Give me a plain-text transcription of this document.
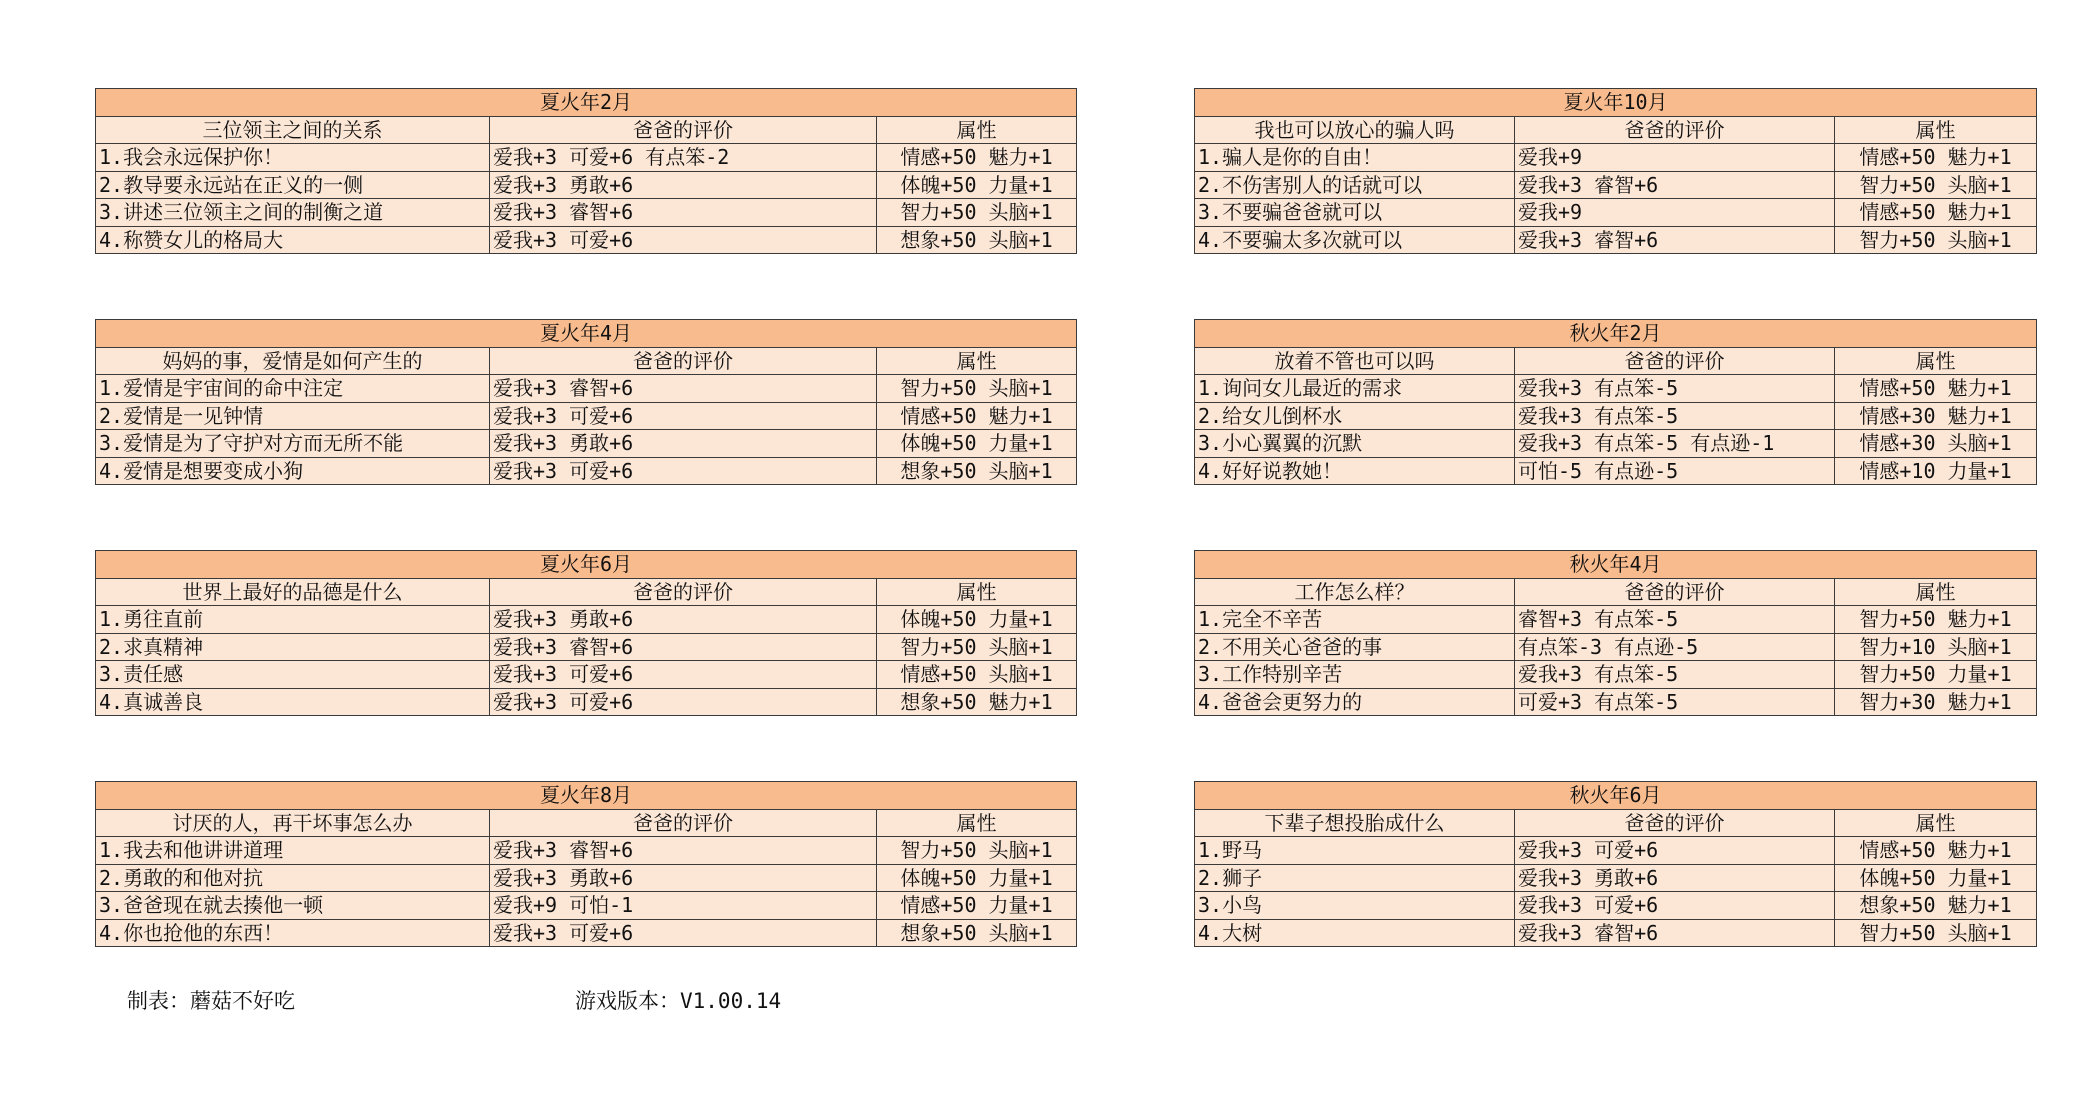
夏火年2月		
三位领主之间的关系	爸爸的评价	属性
1.我会永远保护你！	爱我+3 可爱+6 有点笨-2	情感+50 魅力+1
2.教导要永远站在正义的一侧	爱我+3 勇敢+6	体魄+50 力量+1
3.讲述三位领主之间的制衡之道	爱我+3 睿智+6	智力+50 头脑+1
4.称赞女儿的格局大	爱我+3 可爱+6	想象+50 头脑+1
夏火年4月		
妈妈的事，爱情是如何产生的	爸爸的评价	属性
1.爱情是宇宙间的命中注定	爱我+3 睿智+6	智力+50 头脑+1
2.爱情是一见钟情	爱我+3 可爱+6	情感+50 魅力+1
3.爱情是为了守护对方而无所不能	爱我+3 勇敢+6	体魄+50 力量+1
4.爱情是想要变成小狗	爱我+3 可爱+6	想象+50 头脑+1
夏火年6月		
世界上最好的品德是什么	爸爸的评价	属性
1.勇往直前	爱我+3 勇敢+6	体魄+50 力量+1
2.求真精神	爱我+3 睿智+6	智力+50 头脑+1
3.责任感	爱我+3 可爱+6	情感+50 头脑+1
4.真诚善良	爱我+3 可爱+6	想象+50 魅力+1
夏火年8月		
讨厌的人，再干坏事怎么办	爸爸的评价	属性
1.我去和他讲讲道理	爱我+3 睿智+6	智力+50 头脑+1
2.勇敢的和他对抗	爱我+3 勇敢+6	体魄+50 力量+1
3.爸爸现在就去揍他一顿	爱我+9 可怕-1	情感+50 力量+1
4.你也抢他的东西！	爱我+3 可爱+6	想象+50 头脑+1
夏火年10月		
我也可以放心的骗人吗	爸爸的评价	属性
1.骗人是你的自由！	爱我+9	情感+50 魅力+1
2.不伤害别人的话就可以	爱我+3 睿智+6	智力+50 头脑+1
3.不要骗爸爸就可以	爱我+9	情感+50 魅力+1
4.不要骗太多次就可以	爱我+3 睿智+6	智力+50 头脑+1
秋火年2月		
放着不管也可以吗	爸爸的评价	属性
1.询问女儿最近的需求	爱我+3 有点笨-5	情感+50 魅力+1
2.给女儿倒杯水	爱我+3 有点笨-5	情感+30 魅力+1
3.小心翼翼的沉默	爱我+3 有点笨-5 有点逊-1	情感+30 头脑+1
4.好好说教她！	可怕-5 有点逊-5	情感+10 力量+1
秋火年4月		
工作怎么样？	爸爸的评价	属性
1.完全不辛苦	睿智+3 有点笨-5	智力+50 魅力+1
2.不用关心爸爸的事	有点笨-3 有点逊-5	智力+10 头脑+1
3.工作特别辛苦	爱我+3 有点笨-5	智力+50 力量+1
4.爸爸会更努力的	可爱+3 有点笨-5	智力+30 魅力+1
秋火年6月		
下辈子想投胎成什么	爸爸的评价	属性
1.野马	爱我+3 可爱+6	情感+50 魅力+1
2.狮子	爱我+3 勇敢+6	体魄+50 力量+1
3.小鸟	爱我+3 可爱+6	想象+50 魅力+1
4.大树	爱我+3 睿智+6	智力+50 头脑+1
制表：蘑菇不好吃	游戏版本：V1.00.14
